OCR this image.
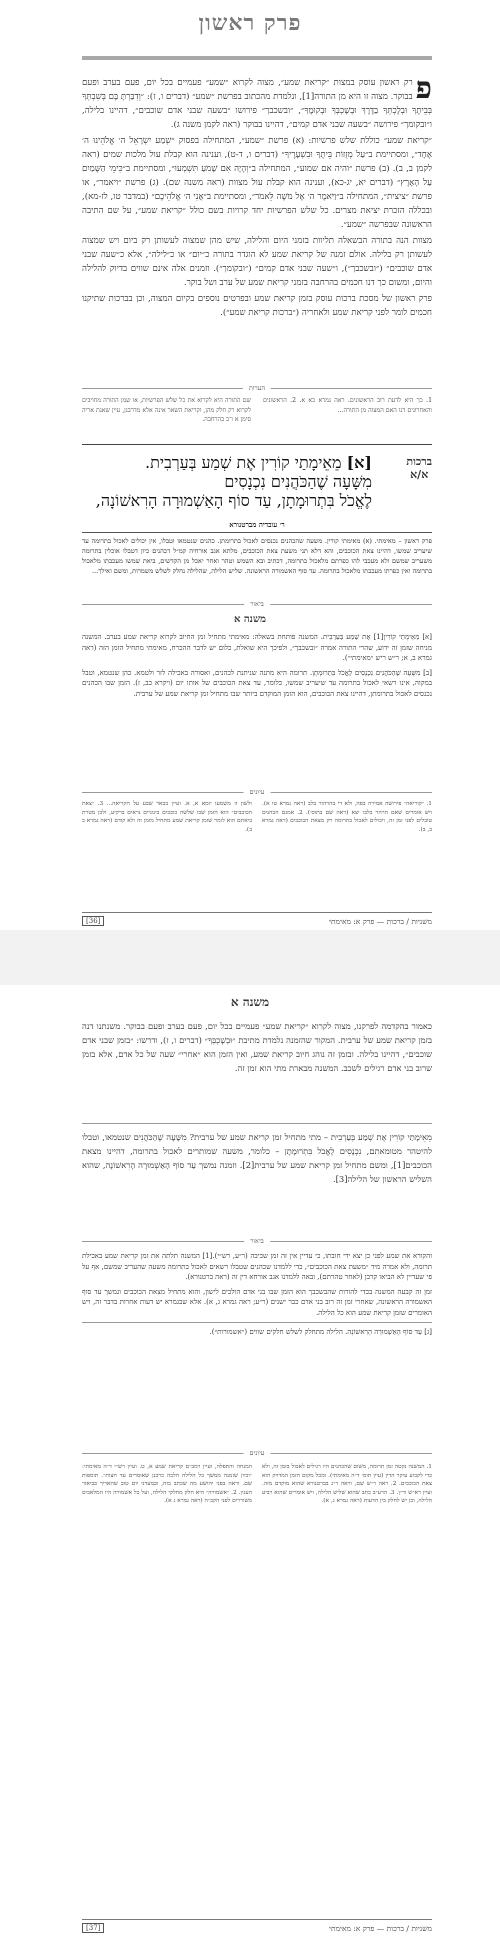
פרק ראשון

פ
רק ראשון עוסק במצות ״קריאת שמע״, מצוה לקרוא ״שמע״ פעמיים בכל יום, פעם בערב ופעם בבוקר. מצוה זו היא מן התורה[1], ונלמדת מהכתוב בפרשת ״שמע״ (דברים ו, ז): ״וְדִבַּרְתָּ בָּם בְּשִׁבְתְּךָ בְּבֵיתֶךָ וּבְלֶכְתְּךָ בַדֶּרֶךְ וּבְשָׁכְבְּךָ וּבְקוּמֶךָ״, ״ובשכבך״ פירושו ״בשעה שבני אדם שוכבים״, דהיינו בלילה, ו״ובקומך״ פירושה ״בשעה שבני אדם קמים״, דהיינו בבוקר (ראה לקמן משנה ג).

״קריאת שמע״ כוללת שלש פרשיות: (א) פרשת ״שמע״, המתחילה בפסוק ״שְׁמַע יִשְׂרָאֵל ה׳ אֱלֹהֵינוּ ה׳ אֶחָד״, ומסתיימת ב״עַל מְזֻזוֹת בֵּיתֶךָ וּבִשְׁעָרֶיךָ״ (דברים ו, ד-ט), וענינה הוא קבלת עול מלכות שמים (ראה לקמן ב, ב). (ב) פרשת ״והיה אם שמוע״, המתחילה ב״וְהָיָה אִם שָׁמֹעַ תִּשְׁמְעוּ״, ומסתיימת ב״כִּימֵי הַשָּׁמַיִם עַל הָאָרֶץ״ (דברים יא, יג-כא), וענינה הוא קבלת עול מצוות (ראה משנה שם). (ג) פרשת ״ויאמר״, או פרשת ״ציצית״, המתחילה ב״וַיֹּאמֶר ה׳ אֶל מֹשֶׁה לֵּאמֹר״, ומסתיימת ב״אֲנִי ה׳ אֱלֹהֵיכֶם״ (במדבר טו, לז-מא), ובכללה הזכרת יציאת מצרים. כל שלש הפרשיות יחד קרויות בשם כולל ״קריאת שמע״, על שם התיבה הראשונה שבפרשה ״שמע״.

מצוות הנה בתורה הבשאלה תליוות בזמני היום והלילה, שיש מהן שמצוה לעשותן רק ביום ויש שמצוה לעשותן רק בלילה. אולם זמנה של קריאת שמע לא הוגדר בתורה כ״יום״ או כ״לילה״, אלא כ״שעה שבני אדם שוכבים״ (״ובשכבך״), ו״שעה שבני אדם קמים״ (״ובקומך״). וזמנים אלה אינם שווים בדיוק להלילה והיום, ומשום כך דנו חכמים בהרחבה בזמני קריאת שמע של ערב ושל בוקר.

פרק ראשון של מסכת ברכות עוסק בזמן קריאת שמע ובפרטים נוספים בקיום המצוה, וכן בברכות שתיקנו חכמים לומר לפני קריאת שמע ולאחריה (״ברכות קריאת שמע״).

הערות
1. כך היא לדעת רוב הראשונים. ראה גמרא כא א. 2. הראשונים והאחרונים דנו האם המצוה מן התורה...
שם התורה היא לקרוא את כל שלש הפרשיות, או שמן התורה מחויבים לקרוא רק חלק מהן, וקריאת השאר אינה אלא מדרבנן, עיין שאגת אריה סימן א ו־ב בהרחבה.
ברכות
א/א
[א] מֵאֵימָתַי קוֹרִין אֶת שְׁמַע בְּעַרְבִית.
מִשָּׁעָה שֶׁהַכֹּהֲנִים נִכְנָסִים
לֶאֱכֹל בִּתְרוּמָתָן, עַד סוֹף הָאַשְׁמוּרָה הָרִאשׁוֹנָה,
ר׳ עובדיה מברטנורא
פרק ראשון – מאימתי. (א) מאימתי קורין. משעה שהכהנים נכנסים לאכול בתרומתן. כהנים שנטמאו וטבלו, אין יכולים לאכול בתרומה עד שיעריב שמשו, דהיינו צאת הכוכבים, והא דלא תני משעת צאת הכוכבים, מלתא אגב אורחיה קמ״ל דכהנים כיון דטבלו אוכלין בתרומה משעריב שמשם ולא מעכבי להו כפרתם מלאכול בתרומה, דכתיב ובא השמש וטהר ואחר יאכל מן הקדשים, ביאת שמשו מעכבתו מלאכול בתרומה ואין כפרתו מעכבתו מלאכול בתרומה. עד סוף האשמורה הראשונה. שליש הלילה, שהלילה נחלק לשלש משמרות, ומשם ואילך...
ביאור
משנה א

[א] מֵאֵימָתַי קוֹרִין[1] אֶת שְׁמַע בְּעַרְבִית. המשנה פותחת בשאלה: מאימתי מתחיל זמן החיוב לקרוא קריאת שמע בערב. המשנה מניחה שזמן זה ידוע, שהרי התורה אמרה ״ובשכבך״, ולפיכך היא שואלת, כלום יש לדבר ההכרח, מאימתי מתחיל הזמן הזה (ראה גמרא ב, א; ר״ש ריש ״מאימתי״).

[ב] מִשָּׁעָה שֶׁהַכֹּהֲנִים נִכְנָסִים לֶאֱכֹל בִּתְרוּמָתָן. תרומה היא מתנה שניתנת לכהנים, ואסורה באכילה לזר ולטמא. כהן שנטמא, וטבל במקוה, אינו רשאי לאכול בתרומה עד שיעריב שמשו, כלומר, עד צאת הכוכבים של אותו יום (ויקרא כב, ז). הזמן שבו הכהנים נכנסים לאכול בתרומתן, דהיינו צאת הכוכבים, הוא הזמן המוקדם ביותר שבו מתחיל זמן קריאת שמע של ערבית.

עיונים
1. ״קוריאה״ פירושה אמירה בפה, ולא די בהרהור בלב (ראה גמרא טו א). ויש אומרים שאם הרהר בלבו יצא (ראה שם בתוס׳). 2. אמנם הכהנים טובלים לפני זמן זה, ויכולים לאכול בתרומה רק מצאת הכוכבים (ראה גמרא ב, ב).
ולשון זו משמעו יומא א, א. ועיין בבאר שבע על הקריאה... 3. ״צאת הכוכבים״ הוא הזמן שבו שלשה כוכבים בינוניים נראים ברקיע, ולכן מטרת ביאתם הוא לומר שזמן קריאת שמע מתחיל מזמן זה ולא קודם (ראה גמרא ב ב).
משניות / ברכות — פרק א: מאימתי
[36]
משנה א

כאמור בהקדמה לפרקנו, מצוה לקרוא ״קריאת שמע״ פעמיים בכל יום, פעם בערב ופעם בבוקר. משנתנו דנה בזמן קריאת שמע של ערבית. המקור שהזמנה נלמדת מתיבת ״וּבְשָׁכְבְּךָ״ (דברים ו, ז), ודרשו: ״בזמן שבני אדם שוכבים״, דהיינו בלילה. ובזמן זה נוהג חיוב קריאת שמע, ואין הזמן הוא ״אחרי״ שעה של כל אדם, אלא בזמן שרוב בני אדם רגילים לשכב. המשנה מבארת מתי הוא זמן זה.

מֵאֵימָתַי קוֹרִין אֶת שְׁמַע בְּעַרְבִית – מתי מתחיל זמן קריאת שמע של ערבית? מִשָּׁעָה שֶׁהַכֹּהֲנִים שנטמאו, וטבלו להיטהר מטומאתם, נִכְנָסִים לֶאֱכֹל בִּתְרוּמָתָן – כלומר, משעה שמותרים לאכול בתרומה, דהיינו מצאת הכוכבים[1], ומשם מתחיל זמן קריאת שמע של ערבית[2]. וזמנה נמשך עַד סוֹף הָאַשְׁמוּרָה הָרִאשׁוֹנָה, שהוא השליש הראשון של הלילה[3].

ביאור

והקורא את שמע לפני כן יצא ידי חובתו, כי עדיין אין זה זמן שכיבה (ר״ע, רש״י).[1] המשנה תלתה את זמן קריאת שמע באכילת תרומה, ולא אמרה מיד ״משעת צאת הכוכבים״, כדי ללמדנו שכהנים שטבלו רשאים לאכול בתרומה משעה שהעריב שמשם, אף על פי שעדיין לא הביאו קרבן (לאחר טהרתם), ובאה ללמדנו אגב אורחא דין זה (ראה ברטנורא).

זמן זה קבעה המשנה בכדי להורות שהבשכבך הוא הזמן שבו בני אדם הולכים לישון, והוא מתחיל מצאת הכוכבים ונמשך עד סוף האשמורה הראשונה, שאחרי זמן זה רוב בני אדם כבר ישנים (ר״ע; ראה גמרא ג, א). אלא שבגמרא יש דעות אחרות בדבר זה, ויש האומרים שזמן קריאת שמע הוא כל הלילה.

[ג] עַד סוֹף הָאַשְׁמוּרָה הָרִאשׁוֹנָה. הלילה מתחלק לשלש חלקים שווים (״אשמורות״).

עיונים
1. המשנה נקטה זמן תרומה, משום שהכהנים היו רגילים לאכול בזמן זה, ולא כדי לקבוע עיקר הדין (עיין תוס׳ ד״ה מאימתי). ומכל מקום הזמן המדויק הוא צאת הכוכבים. 2. ראה ר״ש שם, וראה ר״ג בברטנורא שהוא מוקדם מזה. ועיין רא״ש ור״ן. 3. הרע״ב כתב שהוא שליש הלילה, ויש אומרים שהוא רביע הלילה, וכן יש לחלק בין הדעות (ראה גמרא ג, א).
המנחה והתפלה, ועיין רמב״ם קריאת שמע א, ט. ועיין רש״י ד״ה מאימתי: ״וכיון שזמנה ממשך כל הלילה הלכה כרבנן שאומרים עד חצות״. תוספות שם. וראה בפני יהושע מה שכתב בזה, ובמעדני יום טוב שהאריך בביאור הענין. 2. ״אשמורה״ היא חלק מחלקי הלילה, ועל כל אשמורה היו המלאכים משוררים לפני הקב״ה (ראה גמרא ג א).
משניות / ברכות — פרק א: מאימתי
[37]
